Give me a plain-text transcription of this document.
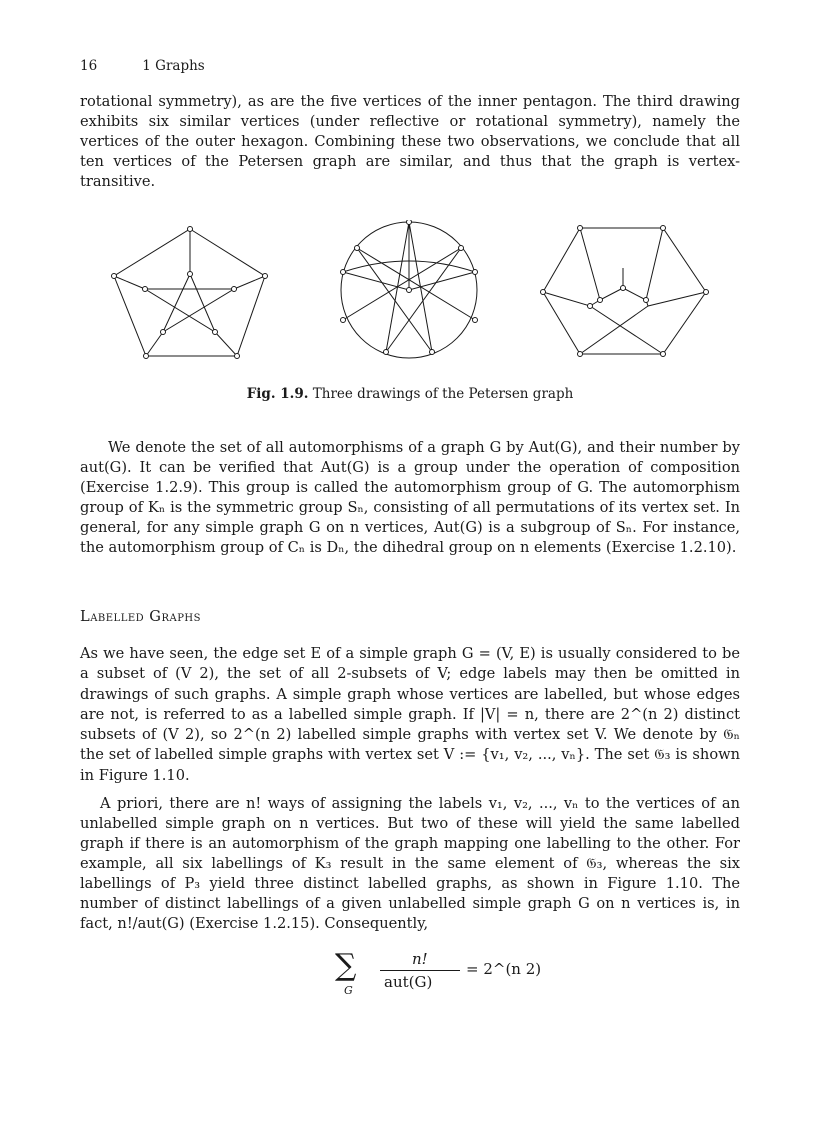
16	1 Graphs

rotational symmetry), as are the five vertices of the inner pentagon. The third drawing exhibits six similar vertices (under reflective or rotational symmetry), namely the vertices of the outer hexagon. Combining these two observations, we conclude that all ten vertices of the Petersen graph are similar, and thus that the graph is vertex-transitive.

Fig. 1.9. Three drawings of the Petersen graph

We denote the set of all automorphisms of a graph G by Aut(G), and their number by aut(G). It can be verified that Aut(G) is a group under the operation of composition (Exercise 1.2.9). This group is called the automorphism group of G. The automorphism group of Kₙ is the symmetric group Sₙ, consisting of all permutations of its vertex set. In general, for any simple graph G on n vertices, Aut(G) is a subgroup of Sₙ. For instance, the automorphism group of Cₙ is Dₙ, the dihedral group on n elements (Exercise 1.2.10).

Labelled Graphs

As we have seen, the edge set E of a simple graph G = (V, E) is usually considered to be a subset of (V 2), the set of all 2-subsets of V; edge labels may then be omitted in drawings of such graphs. A simple graph whose vertices are labelled, but whose edges are not, is referred to as a labelled simple graph. If |V| = n, there are 2^(n 2) distinct subsets of (V 2), so 2^(n 2) labelled simple graphs with vertex set V. We denote by 𝔊ₙ the set of labelled simple graphs with vertex set V := {v₁, v₂, ..., vₙ}. The set 𝔊₃ is shown in Figure 1.10.

A priori, there are n! ways of assigning the labels v₁, v₂, ..., vₙ to the vertices of an unlabelled simple graph on n vertices. But two of these will yield the same labelled graph if there is an automorphism of the graph mapping one labelling to the other. For example, all six labellings of K₃ result in the same element of 𝔊₃, whereas the six labellings of P₃ yield three distinct labelled graphs, as shown in Figure 1.10. The number of distinct labellings of a given unlabelled simple graph G on n vertices is, in fact, n!/aut(G) (Exercise 1.2.15). Consequently,

∑
G
n!
aut(G)
= 2^(n 2)
